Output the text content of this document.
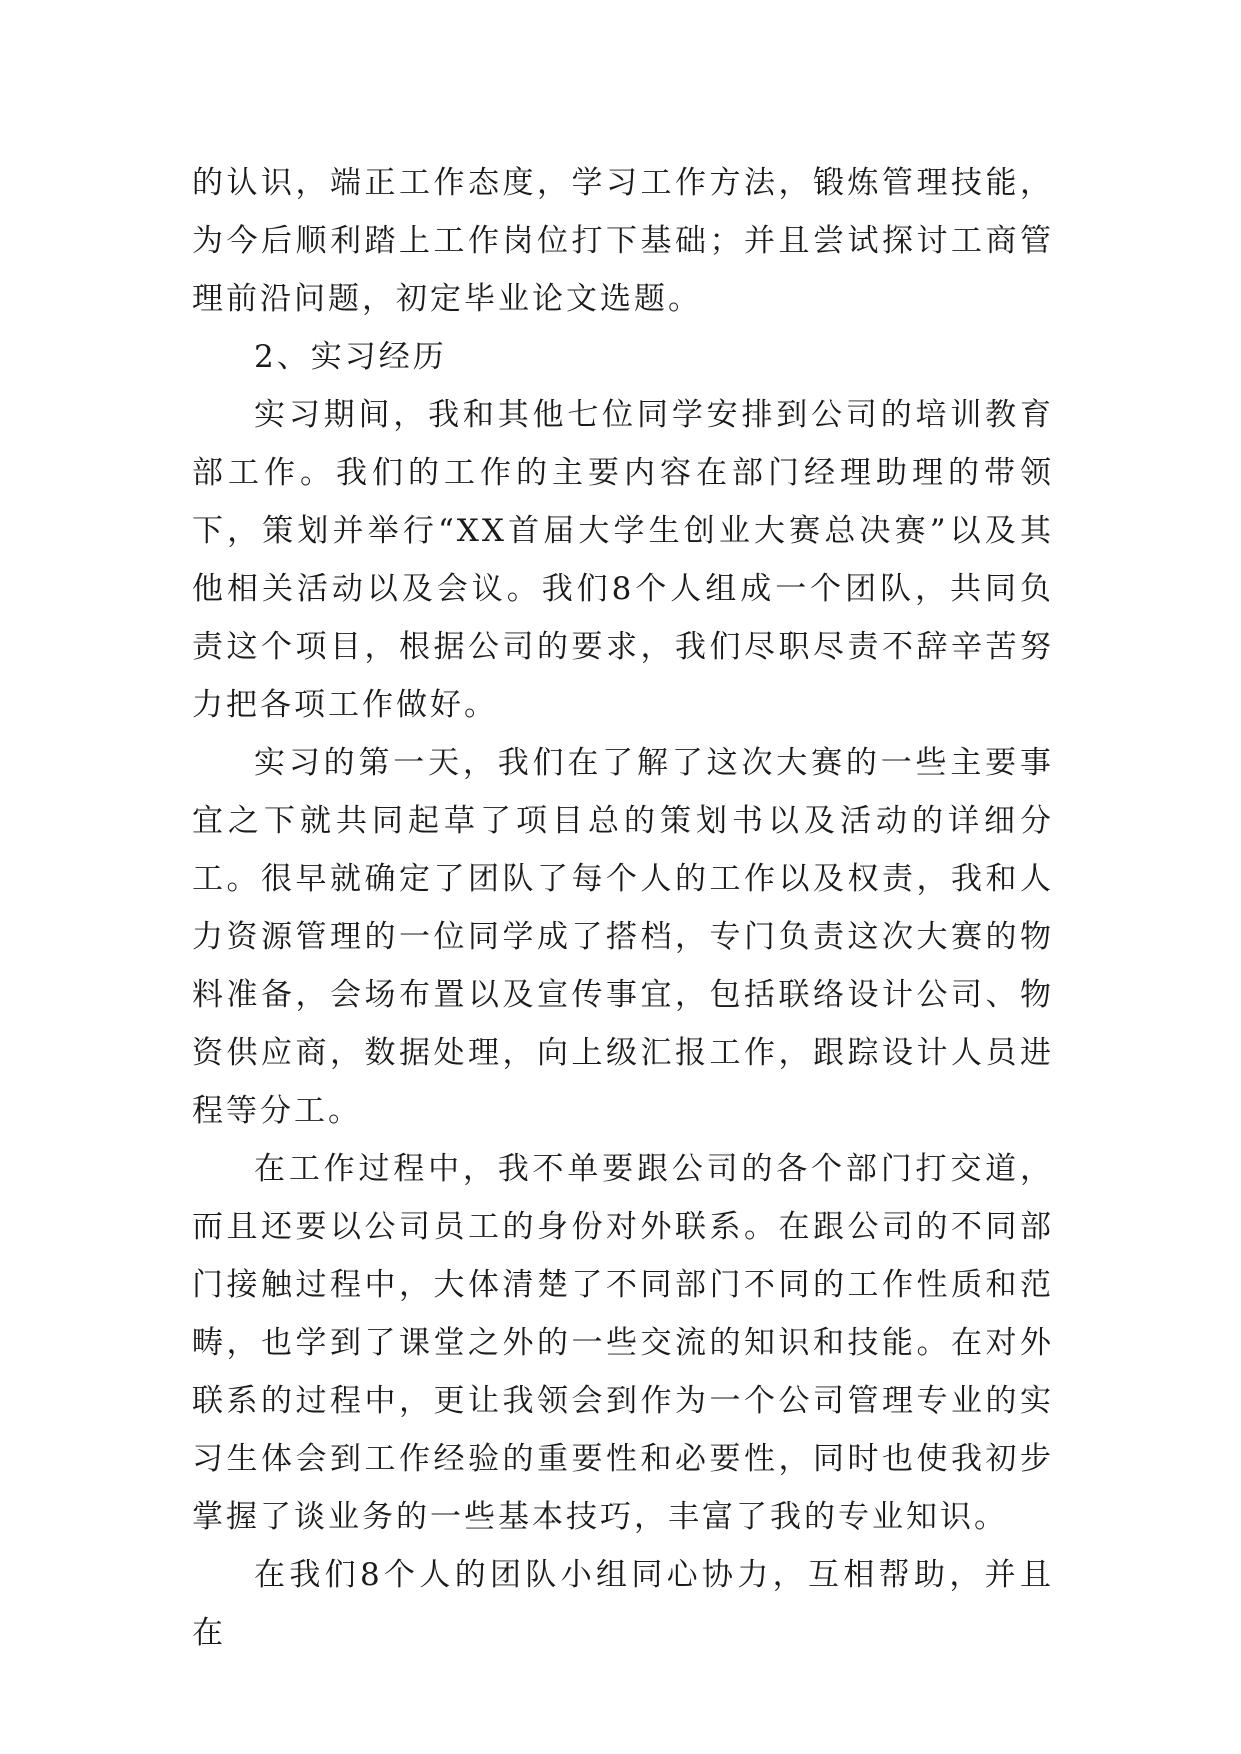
的认识，端正工作态度，学习工作方法，锻炼管理技能，为今后顺利踏上工作岗位打下基础；并且尝试探讨工商管理前沿问题，初定毕业论文选题。

2、实习经历

实习期间，我和其他七位同学安排到公司的培训教育部工作。我们的工作的主要内容在部门经理助理的带领下，策划并举行“XX首届大学生创业大赛总决赛”以及其他相关活动以及会议。我们8个人组成一个团队，共同负责这个项目，根据公司的要求，我们尽职尽责不辞辛苦努力把各项工作做好。

实习的第一天，我们在了解了这次大赛的一些主要事宜之下就共同起草了项目总的策划书以及活动的详细分工。很早就确定了团队了每个人的工作以及权责，我和人力资源管理的一位同学成了搭档，专门负责这次大赛的物料准备，会场布置以及宣传事宜，包括联络设计公司、物资供应商，数据处理，向上级汇报工作，跟踪设计人员进程等分工。

在工作过程中，我不单要跟公司的各个部门打交道，而且还要以公司员工的身份对外联系。在跟公司的不同部门接触过程中，大体清楚了不同部门不同的工作性质和范畴，也学到了课堂之外的一些交流的知识和技能。在对外联系的过程中，更让我领会到作为一个公司管理专业的实习生体会到工作经验的重要性和必要性，同时也使我初步掌握了谈业务的一些基本技巧，丰富了我的专业知识。

在我们8个人的团队小组同心协力，互相帮助，并且在
